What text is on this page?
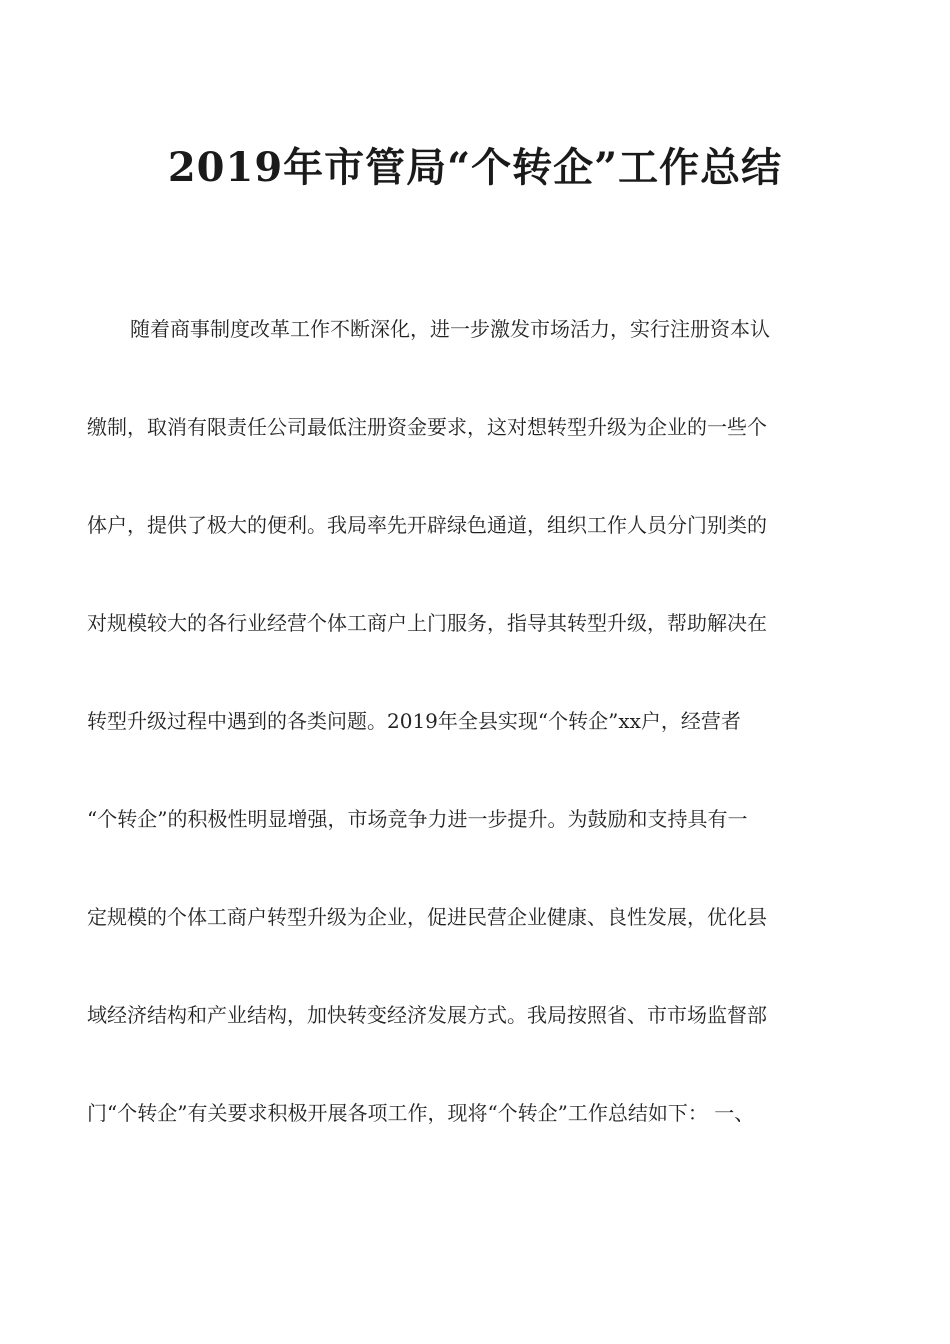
2019年市管局“个转企”工作总结
随着商事制度改革工作不断深化，进一步激发市场活力，实行注册资本认
缴制，取消有限责任公司最低注册资金要求，这对想转型升级为企业的一些个
体户，提供了极大的便利。我局率先开辟绿色通道，组织工作人员分门别类的
对规模较大的各行业经营个体工商户上门服务，指导其转型升级，帮助解决在
转型升级过程中遇到的各类问题。2019年全县实现“个转企”xx户，经营者
“个转企”的积极性明显增强，市场竞争力进一步提升。为鼓励和支持具有一
定规模的个体工商户转型升级为企业，促进民营企业健康、良性发展，优化县
域经济结构和产业结构，加快转变经济发展方式。我局按照省、市市场监督部
门“个转企”有关要求积极开展各项工作，现将“个转企”工作总结如下： 一、
